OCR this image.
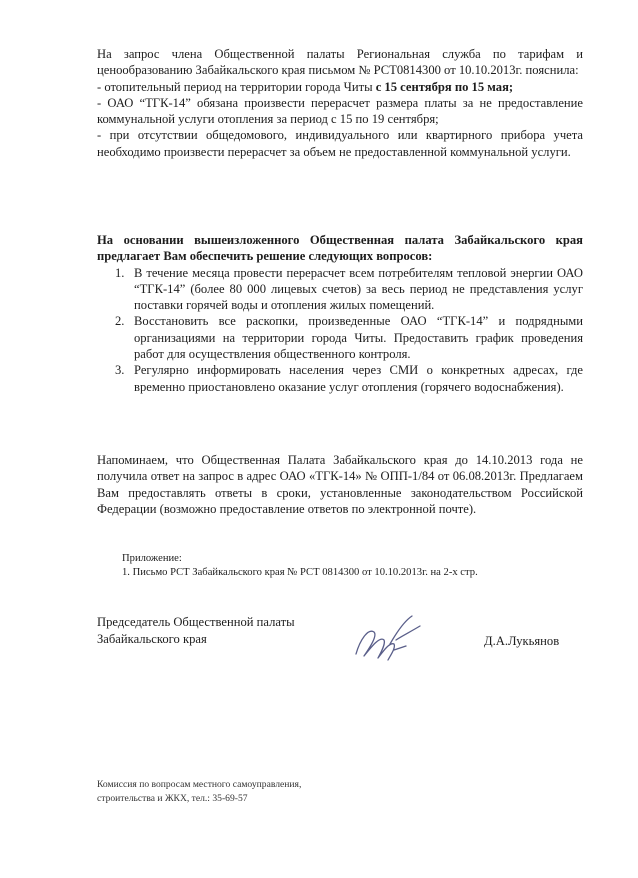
На запрос члена Общественной палаты Региональная служба по тарифам и ценообразованию Забайкальского края письмом № РСТ0814300 от 10.10.2013г. пояснила:

- отопительный период на территории города Читы с 15 сентября по 15 мая;

- ОАО “ТГК-14” обязана произвести перерасчет размера платы за не предоставление коммунальной услуги отопления за период с 15 по 19 сентября;

- при отсутствии общедомового, индивидуального или квартирного прибора учета необходимо произвести перерасчет за объем не предоставленной коммунальной услуги.

На основании вышеизложенного Общественная палата Забайкальского края предлагает Вам обеспечить решение следующих вопросов:

1. В течение месяца провести перерасчет всем потребителям тепловой энергии ОАО “ТГК-14” (более 80 000 лицевых счетов) за весь период не представления услуг поставки горячей воды и отопления жилых помещений.
2. Восстановить все раскопки, произведенные ОАО “ТГК-14” и подрядными организациями на территории города Читы. Предоставить график проведения работ для осуществления общественного контроля.
3. Регулярно информировать населения через СМИ о конкретных адресах, где временно приостановлено оказание услуг отопления (горячего водоснабжения).

Напоминаем, что Общественная Палата Забайкальского края до 14.10.2013 года не получила ответ на запрос в адрес ОАО «ТГК-14» № ОПП-1/84 от 06.08.2013г. Предлагаем Вам предоставлять ответы в сроки, установленные законодательством Российской Федерации (возможно предоставление ответов по электронной почте).

Приложение:
1. Письмо РСТ Забайкальского края № РСТ 0814300 от 10.10.2013г. на 2-х стр.
Председатель Общественной палаты
Забайкальского края	Д.А.Лукьянов
Комиссия по вопросам местного самоуправления,
строительства и ЖКХ, тел.: 35-69-57
